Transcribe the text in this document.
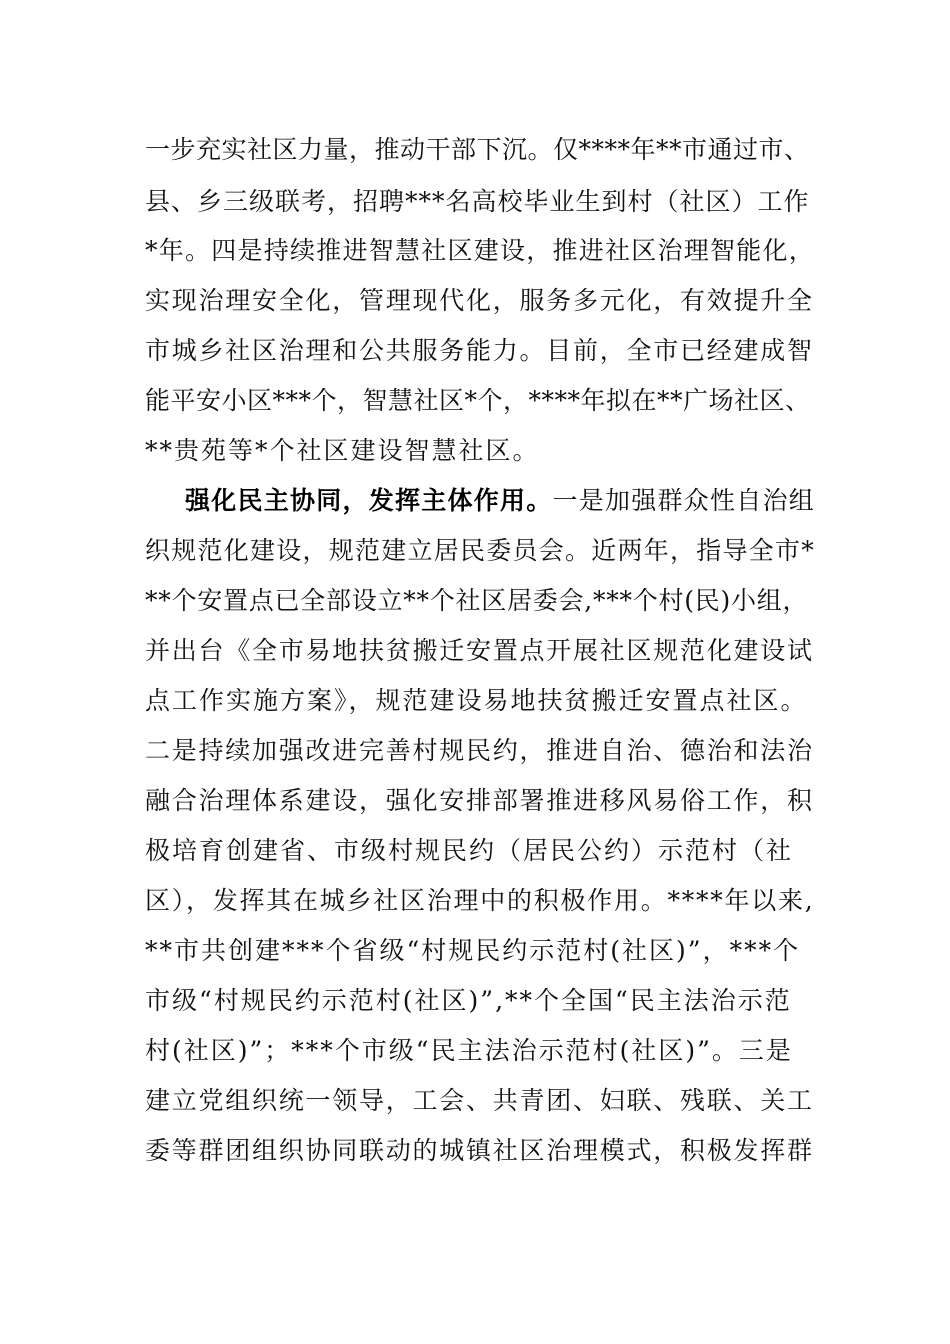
一步充实社区力量，推动干部下沉。仅****年**市通过市、
县、乡三级联考，招聘***名高校毕业生到村（社区）工作
*年。四是持续推进智慧社区建设，推进社区治理智能化，
实现治理安全化，管理现代化，服务多元化，有效提升全
市城乡社区治理和公共服务能力。目前，全市已经建成智
能平安小区***个，智慧社区*个，****年拟在**广场社区、
**贵苑等*个社区建设智慧社区。
强化民主协同，发挥主体作用。一是加强群众性自治组
织规范化建设，规范建立居民委员会。近两年，指导全市*
**个安置点已全部设立**个社区居委会,***个村(民)小组，
并出台《全市易地扶贫搬迁安置点开展社区规范化建设试
点工作实施方案》，规范建设易地扶贫搬迁安置点社区。
二是持续加强改进完善村规民约，推进自治、德治和法治
融合治理体系建设，强化安排部署推进移风易俗工作，积
极培育创建省、市级村规民约（居民公约）示范村（社
区），发挥其在城乡社区治理中的积极作用。****年以来,
**市共创建***个省级“村规民约示范村(社区)”，***个
市级“村规民约示范村(社区)”,**个全国“民主法治示范
村(社区)”；***个市级“民主法治示范村(社区)”。三是
建立党组织统一领导，工会、共青团、妇联、残联、关工
委等群团组织协同联动的城镇社区治理模式，积极发挥群
